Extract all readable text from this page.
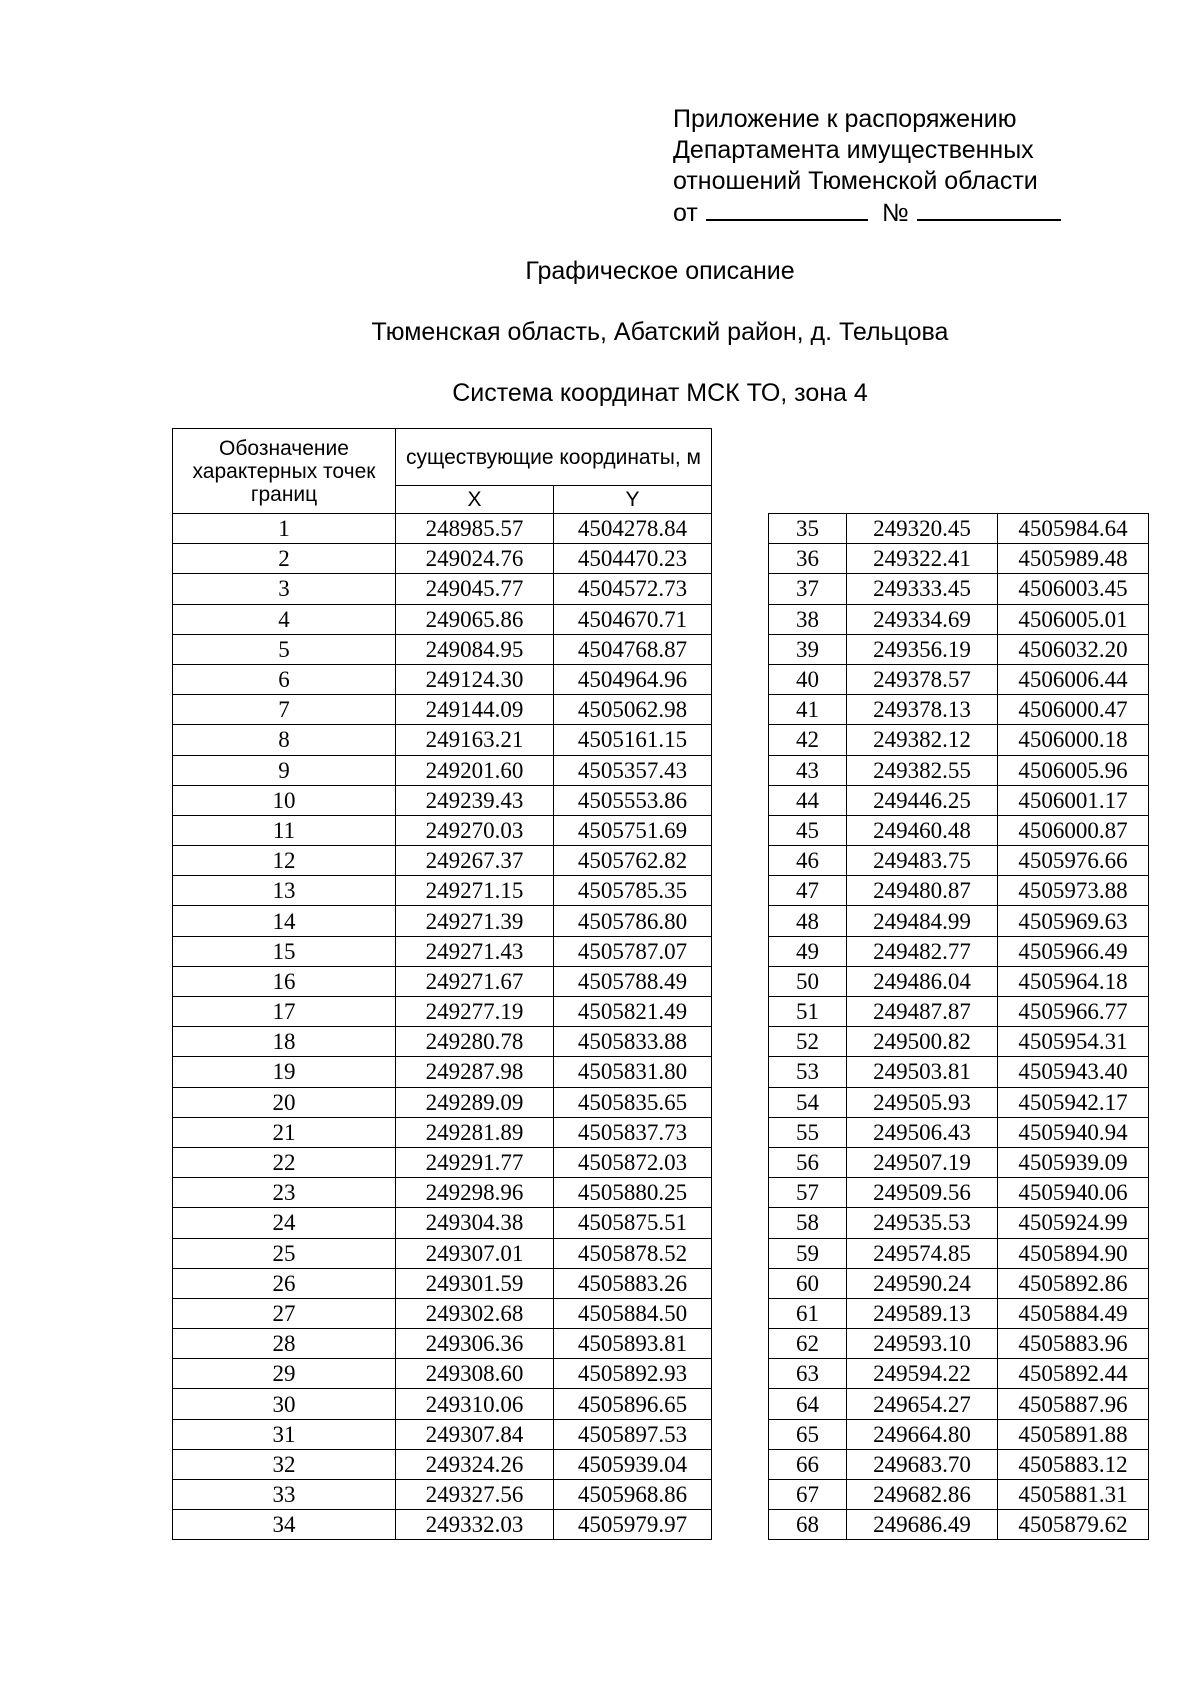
Приложение к распоряжению
Департамента имущественных
отношений Тюменской области
от	№
Графическое описание
Тюменская область, Абатский район, д. Тельцова
Система координат МСК ТО, зона 4
Обозначение характерных точек границ	существующие координаты, м	
	X	Y
1	248985.57	4504278.84
2	249024.76	4504470.23
3	249045.77	4504572.73
4	249065.86	4504670.71
5	249084.95	4504768.87
6	249124.30	4504964.96
7	249144.09	4505062.98
8	249163.21	4505161.15
9	249201.60	4505357.43
10	249239.43	4505553.86
11	249270.03	4505751.69
12	249267.37	4505762.82
13	249271.15	4505785.35
14	249271.39	4505786.80
15	249271.43	4505787.07
16	249271.67	4505788.49
17	249277.19	4505821.49
18	249280.78	4505833.88
19	249287.98	4505831.80
20	249289.09	4505835.65
21	249281.89	4505837.73
22	249291.77	4505872.03
23	249298.96	4505880.25
24	249304.38	4505875.51
25	249307.01	4505878.52
26	249301.59	4505883.26
27	249302.68	4505884.50
28	249306.36	4505893.81
29	249308.60	4505892.93
30	249310.06	4505896.65
31	249307.84	4505897.53
32	249324.26	4505939.04
33	249327.56	4505968.86
34	249332.03	4505979.97
35	249320.45	4505984.64
36	249322.41	4505989.48
37	249333.45	4506003.45
38	249334.69	4506005.01
39	249356.19	4506032.20
40	249378.57	4506006.44
41	249378.13	4506000.47
42	249382.12	4506000.18
43	249382.55	4506005.96
44	249446.25	4506001.17
45	249460.48	4506000.87
46	249483.75	4505976.66
47	249480.87	4505973.88
48	249484.99	4505969.63
49	249482.77	4505966.49
50	249486.04	4505964.18
51	249487.87	4505966.77
52	249500.82	4505954.31
53	249503.81	4505943.40
54	249505.93	4505942.17
55	249506.43	4505940.94
56	249507.19	4505939.09
57	249509.56	4505940.06
58	249535.53	4505924.99
59	249574.85	4505894.90
60	249590.24	4505892.86
61	249589.13	4505884.49
62	249593.10	4505883.96
63	249594.22	4505892.44
64	249654.27	4505887.96
65	249664.80	4505891.88
66	249683.70	4505883.12
67	249682.86	4505881.31
68	249686.49	4505879.62
